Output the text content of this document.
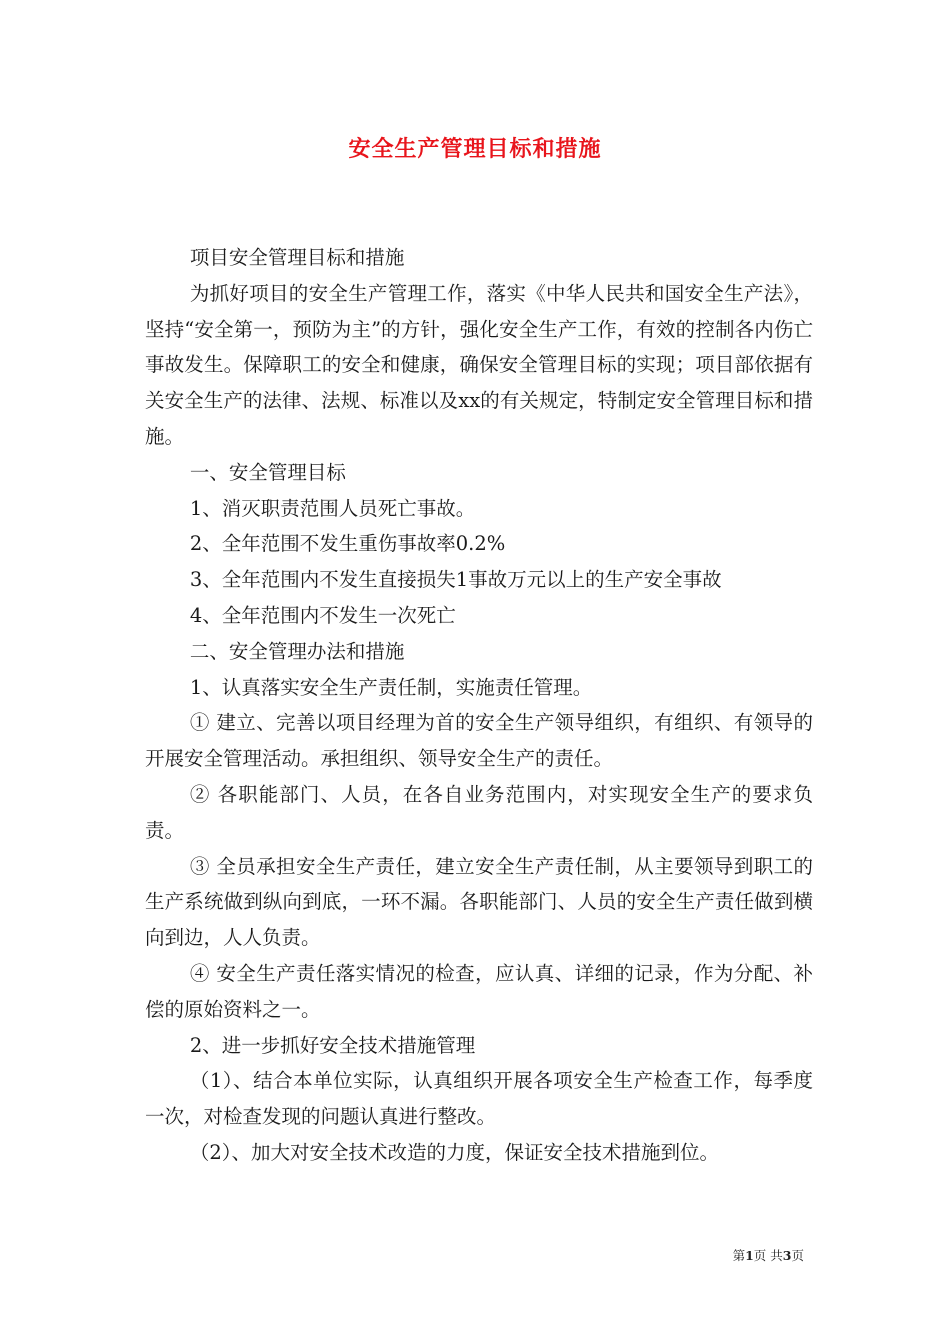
安全生产管理目标和措施

项目安全管理目标和措施

为抓好项目的安全生产管理工作，落实《中华人民共和国安全生产法》，坚持“安全第一，预防为主”的方针，强化安全生产工作，有效的控制各内伤亡事故发生。保障职工的安全和健康，确保安全管理目标的实现；项目部依据有关安全生产的法律、法规、标准以及xx的有关规定，特制定安全管理目标和措施。

一、安全管理目标

1、消灭职责范围人员死亡事故。

2、全年范围不发生重伤事故率0.2%

3、全年范围内不发生直接损失1事故万元以上的生产安全事故

4、全年范围内不发生一次死亡

二、安全管理办法和措施

1、认真落实安全生产责任制，实施责任管理。

① 建立、完善以项目经理为首的安全生产领导组织，有组织、有领导的开展安全管理活动。承担组织、领导安全生产的责任。

② 各职能部门、人员，在各自业务范围内，对实现安全生产的要求负责。

③ 全员承担安全生产责任，建立安全生产责任制，从主要领导到职工的生产系统做到纵向到底，一环不漏。各职能部门、人员的安全生产责任做到横向到边，人人负责。

④ 安全生产责任落实情况的检查，应认真、详细的记录，作为分配、补偿的原始资料之一。

2、进一步抓好安全技术措施管理

（1）、结合本单位实际，认真组织开展各项安全生产检查工作，每季度一次，对检查发现的问题认真进行整改。

（2）、加大对安全技术改造的力度，保证安全技术措施到位。

第1页 共3页
